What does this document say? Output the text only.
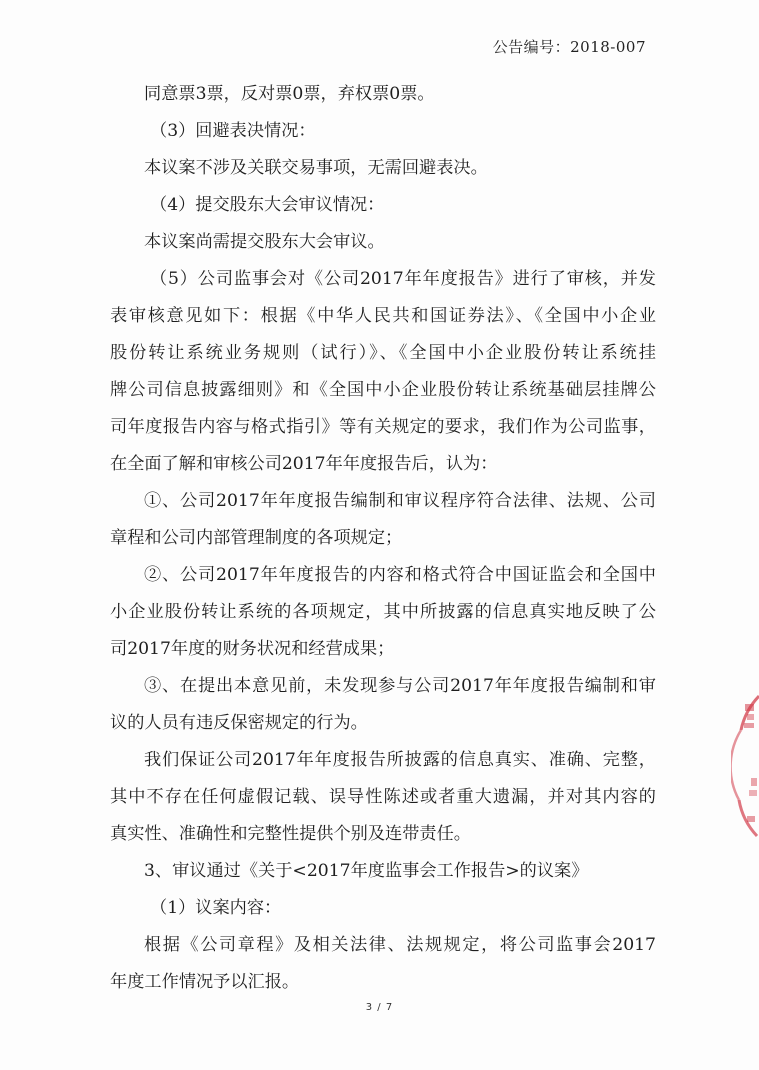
公告编号：2018-007
同意票3票，反对票0票，弃权票0票。
（3）回避表决情况：
本议案不涉及关联交易事项，无需回避表决。
（4）提交股东大会审议情况：
本议案尚需提交股东大会审议。
（5）公司监事会对《公司2017年年度报告》进行了审核，并发
表审核意见如下：根据《中华人民共和国证券法》、《全国中小企业
股份转让系统业务规则（试行）》、《全国中小企业股份转让系统挂
牌公司信息披露细则》和《全国中小企业股份转让系统基础层挂牌公
司年度报告内容与格式指引》等有关规定的要求，我们作为公司监事，
在全面了解和审核公司2017年年度报告后，认为：
①、公司2017年年度报告编制和审议程序符合法律、法规、公司
章程和公司内部管理制度的各项规定；
②、公司2017年年度报告的内容和格式符合中国证监会和全国中
小企业股份转让系统的各项规定，其中所披露的信息真实地反映了公
司2017年度的财务状况和经营成果；
③、在提出本意见前，未发现参与公司2017年年度报告编制和审
议的人员有违反保密规定的行为。
我们保证公司2017年年度报告所披露的信息真实、准确、完整，
其中不存在任何虚假记载、误导性陈述或者重大遗漏，并对其内容的
真实性、准确性和完整性提供个别及连带责任。
3、审议通过《关于<2017年度监事会工作报告>的议案》
（1）议案内容：
根据《公司章程》及相关法律、法规规定，将公司监事会2017
年度工作情况予以汇报。
3 / 7
